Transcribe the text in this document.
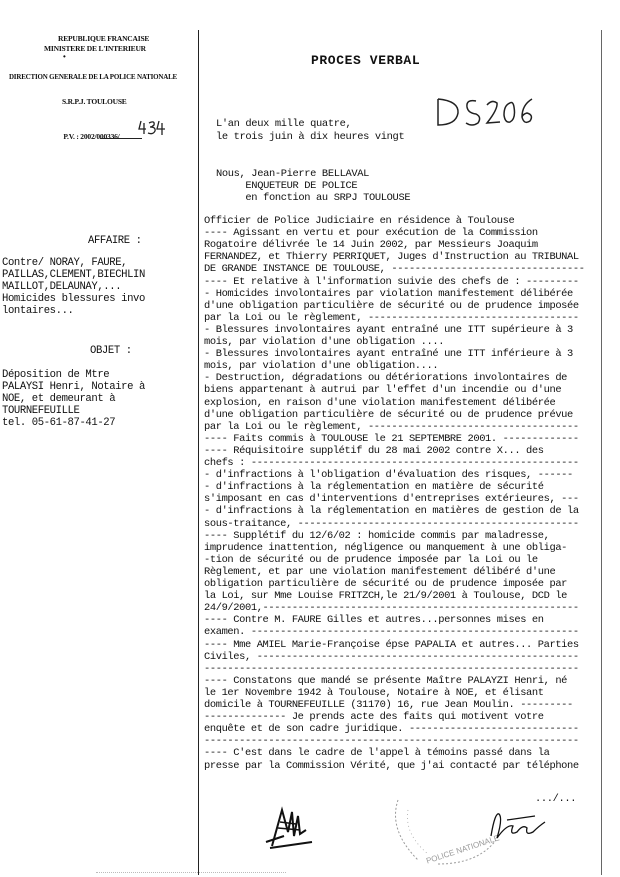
REPUBLIQUE FRANCAISE
MINISTERE DE L'INTERIEUR
•
DIRECTION GENERALE DE LA POLICE NATIONALE
S.R.P.J. TOULOUSE

P.V. : 2002/000336/

PROCES VERBAL
L'an deux mille quatre,
le trois juin à dix heures vingt
Nous, Jean-Pierre BELLAVAL
ENQUETEUR DE POLICE
en fonction au SRPJ TOULOUSE
AFFAIRE :
Contre/ NORAY, FAURE,
PAILLAS,CLEMENT,BIECHLIN
MAILLOT,DELAUNAY,...
Homicides blessures invo
lontaires...
OBJET :
Déposition de Mtre
PALAYSI Henri, Notaire à
NOE, et demeurant à
TOURNEFEUILLE
tel. 05-61-87-41-27
Officier de Police Judiciaire en résidence à Toulouse
---- Agissant en vertu et pour exécution de la Commission
Rogatoire délivrée le 14 Juin 2002, par Messieurs Joaquim
FERNANDEZ, et Thierry PERRIQUET, Juges d'Instruction au TRIBUNAL
DE GRANDE INSTANCE DE TOULOUSE, ---------------------------------
---- Et relative à l'information suivie des chefs de : ---------
- Homicides involontaires par violation manifestement délibérée
d'une obligation particulière de sécurité ou de prudence imposée
par la Loi ou le règlement, ------------------------------------
- Blessures involontaires ayant entraîné une ITT supérieure à 3
mois, par violation d'une obligation ....
- Blessures involontaires ayant entraîné une ITT inférieure à 3
mois, par violation d'une obligation....
- Destruction, dégradations ou détériorations involontaires de
biens appartenant à autrui par l'effet d'un incendie ou d'une
explosion, en raison d'une violation manifestement délibérée
d'une obligation particulière de sécurité ou de prudence prévue
par la Loi ou le règlement, ------------------------------------
---- Faits commis à TOULOUSE le 21 SEPTEMBRE 2001. -------------
---- Réquisitoire supplétif du 28 mai 2002 contre X... des
chefs : --------------------------------------------------------
- d'infractions à l'obligation d'évaluation des risques, ------
- d'infractions à la réglementation en matière de sécurité
s'imposant en cas d'interventions d'entreprises extérieures, ---
- d'infractions à la réglementation en matières de gestion de la
sous-traitance, ------------------------------------------------
---- Supplétif du 12/6/02 : homicide commis par maladresse,
imprudence inattention, négligence ou manquement à une obliga-
-tion de sécurité ou de prudence imposée par la Loi ou le
Règlement, et par une violation manifestement délibéré d'une
obligation particulière de sécurité ou de prudence imposée par
la Loi, sur Mme Louise FRITZCH,le 21/9/2001 à Toulouse, DCD le
24/9/2001,------------------------------------------------------
---- Contre M. FAURE Gilles et autres...personnes mises en
examen. --------------------------------------------------------
---- Mme AMIEL Marie-Françoise épse PAPALIA et autres... Parties
Civiles, -------------------------------------------------------
----------------------------------------------------------------
---- Constatons que mandé se présente Maître PALAYZI Henri, né
le 1er Novembre 1942 à Toulouse, Notaire à NOE, et élisant
domicile à TOURNEFEUILLE (31170) 16, rue Jean Moulin. ---------
-------------- Je prends acte des faits qui motivent votre
enquête et de son cadre juridique. -----------------------------
----------------------------------------------------------------
---- C'est dans le cadre de l'appel à témoins passé dans la
presse par la Commission Vérité, que j'ai contacté par téléphone
.../...
POLICE NATIONALE
